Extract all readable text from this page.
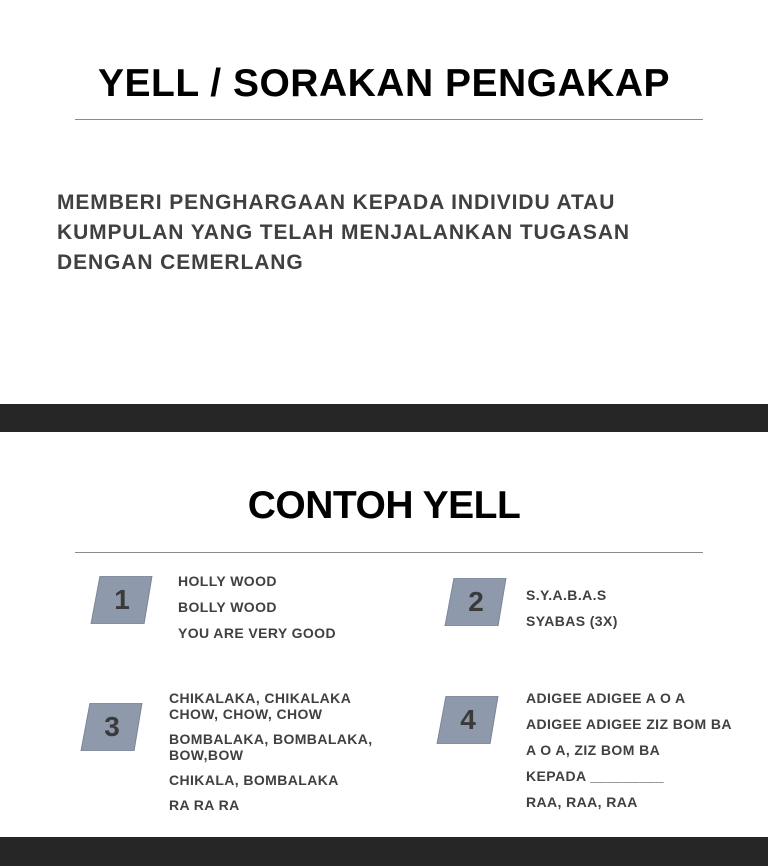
YELL / SORAKAN PENGAKAP
MEMBERI PENGHARGAAN KEPADA INDIVIDU ATAU
KUMPULAN YANG TELAH MENJALANKAN TUGASAN
DENGAN CEMERLANG
CONTOH YELL
1
HOLLY WOOD
BOLLY WOOD
YOU ARE VERY GOOD
2	S.Y.A.B.A.S
SYABAS (3X)
3
CHIKALAKA, CHIKALAKA
CHOW, CHOW, CHOW
BOMBALAKA, BOMBALAKA,
BOW,BOW
CHIKALA, BOMBALAKA
RA RA RA
4
ADIGEE ADIGEE A O A
ADIGEE ADIGEE ZIZ BOM BA
A O A, ZIZ BOM BA
KEPADA _________
RAA, RAA, RAA
